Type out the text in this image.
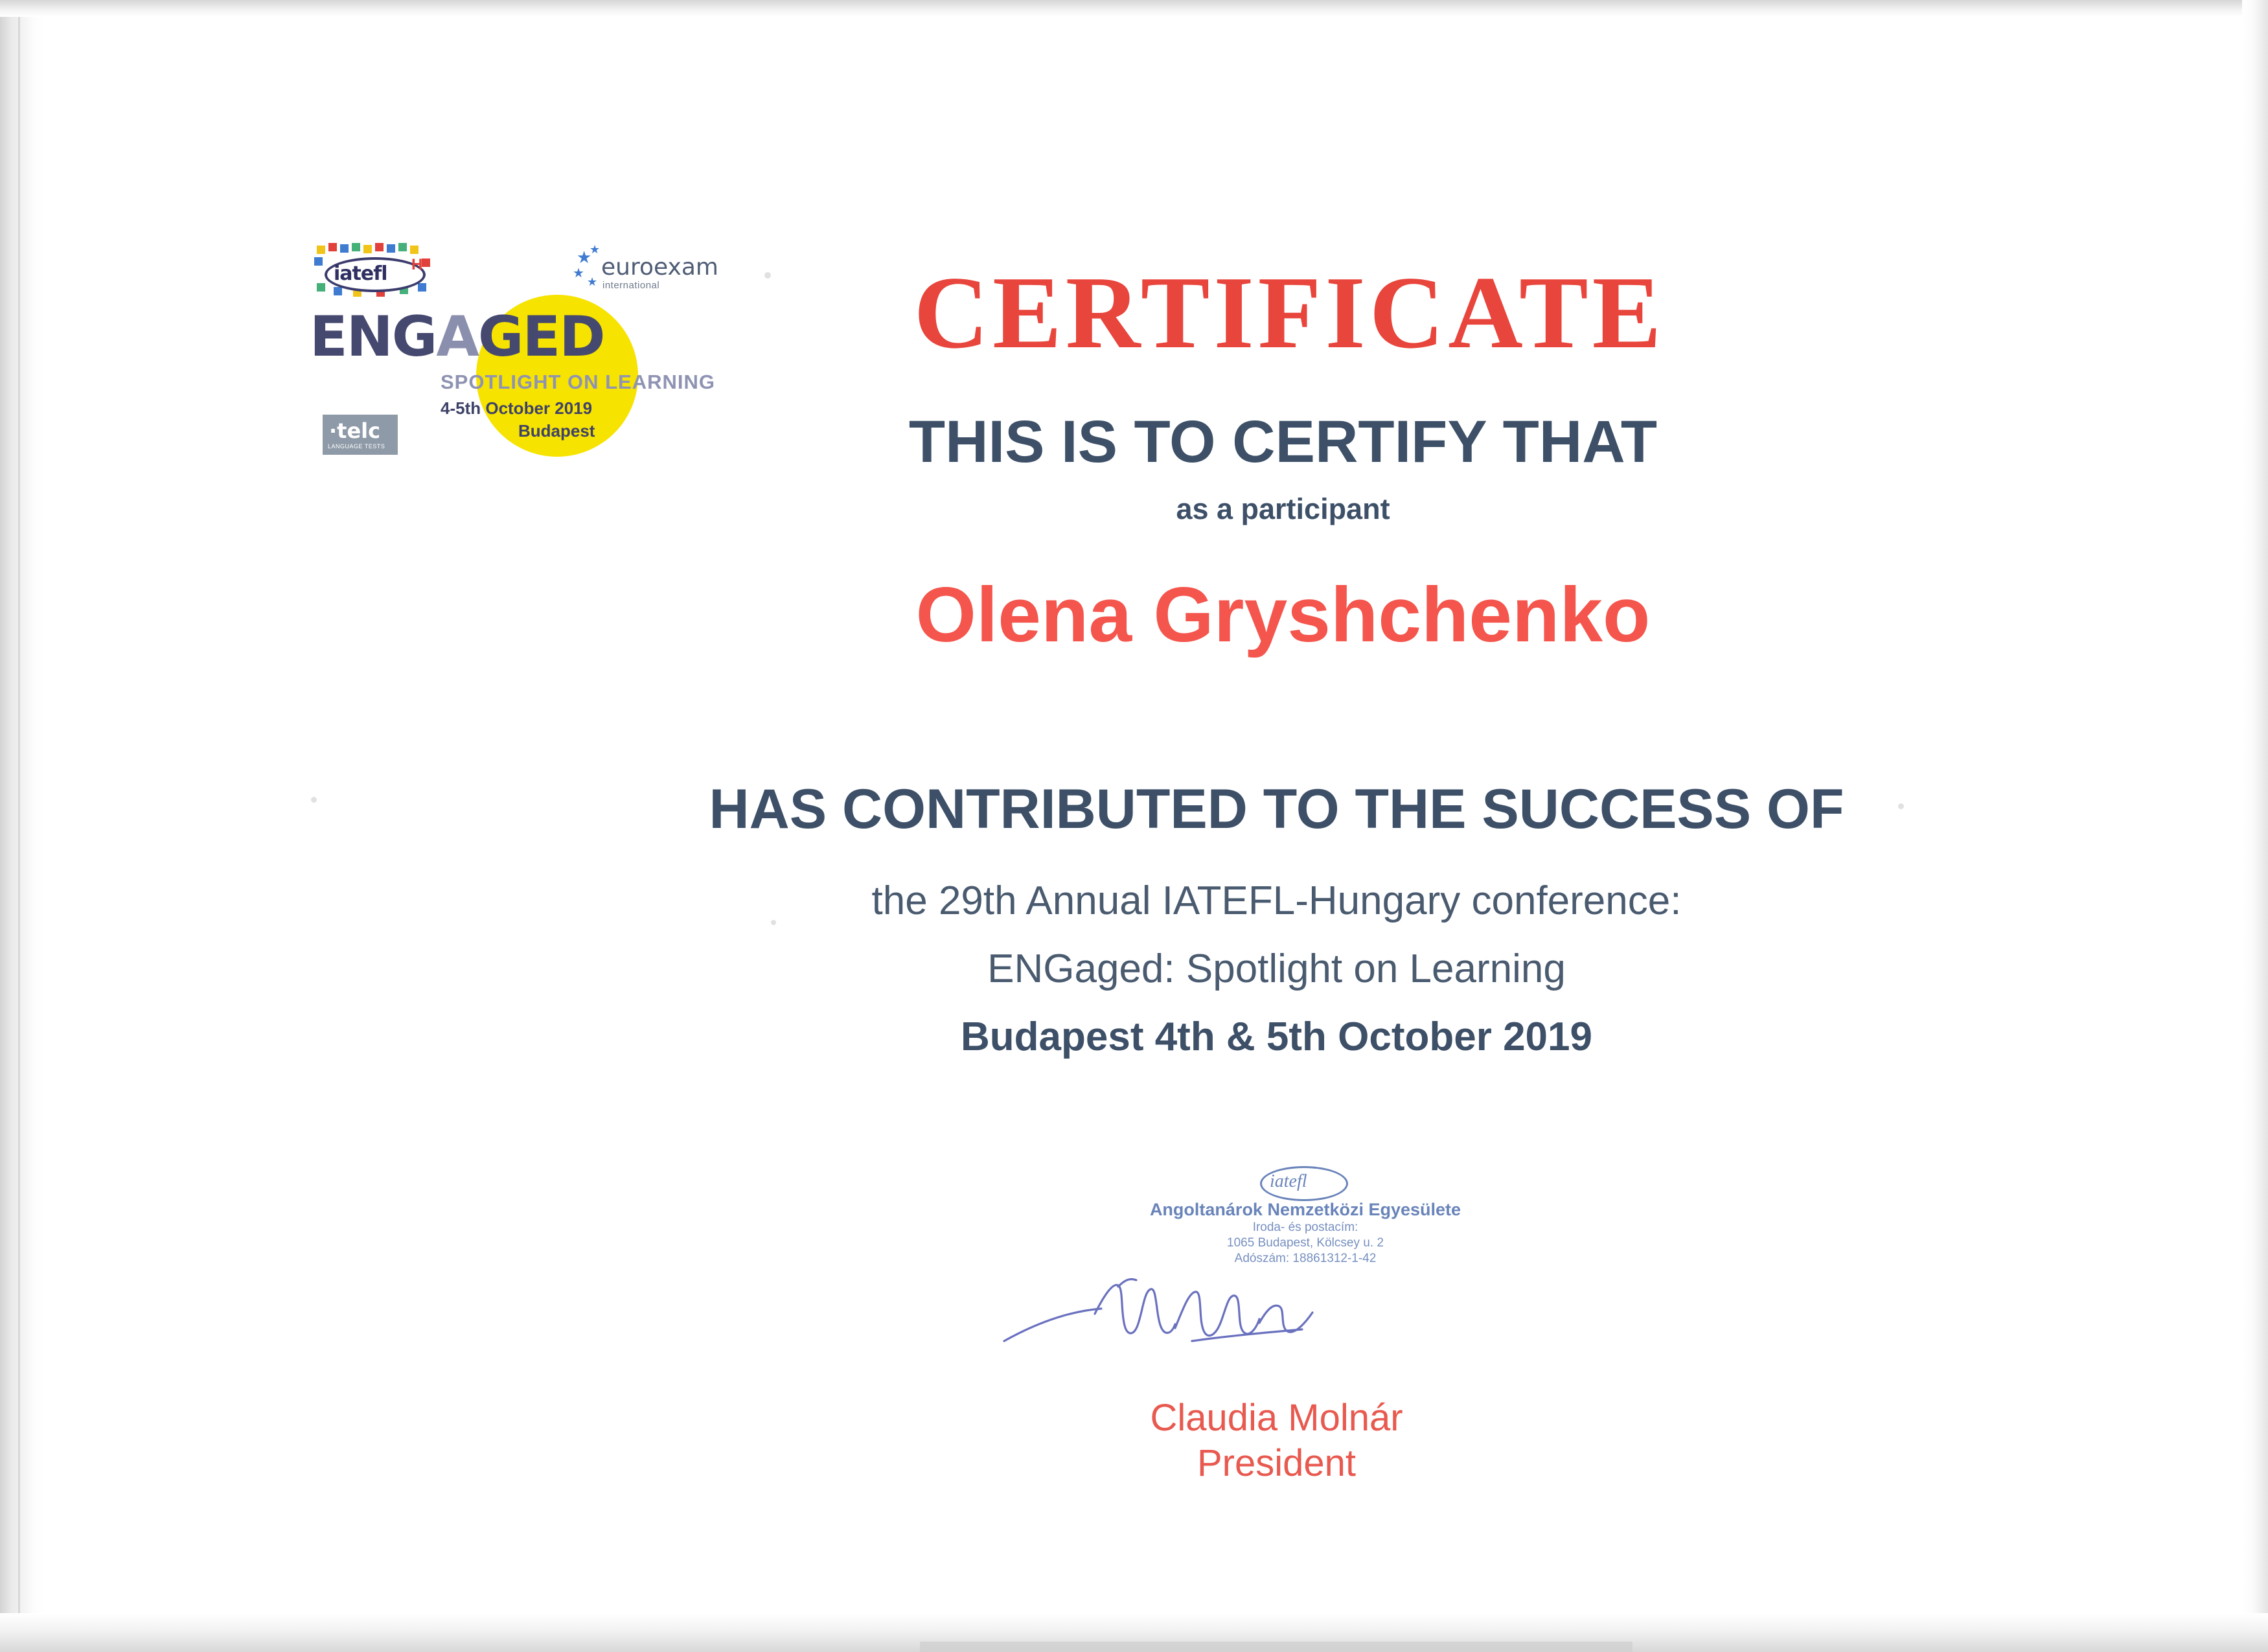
iatefl H	★
★
★
★
euroexam
international
ENGAGED
SPOTLIGHT ON LEARNING
4-5th October 2019
Budapest
·telc
LANGUAGE TESTS
CERTIFICATE
THIS IS TO CERTIFY THAT
as a participant
Olena Gryshchenko
HAS CONTRIBUTED TO THE SUCCESS OF
the 29th Annual IATEFL-Hungary conference:
ENGaged: Spotlight on Learning
Budapest 4th & 5th October 2019
iatefl
Angoltanárok Nemzetközi Egyesülete
Iroda- és postacím:
1065 Budapest, Kölcsey u. 2
Adószám: 18861312-1-42
Claudia Molnár
President
